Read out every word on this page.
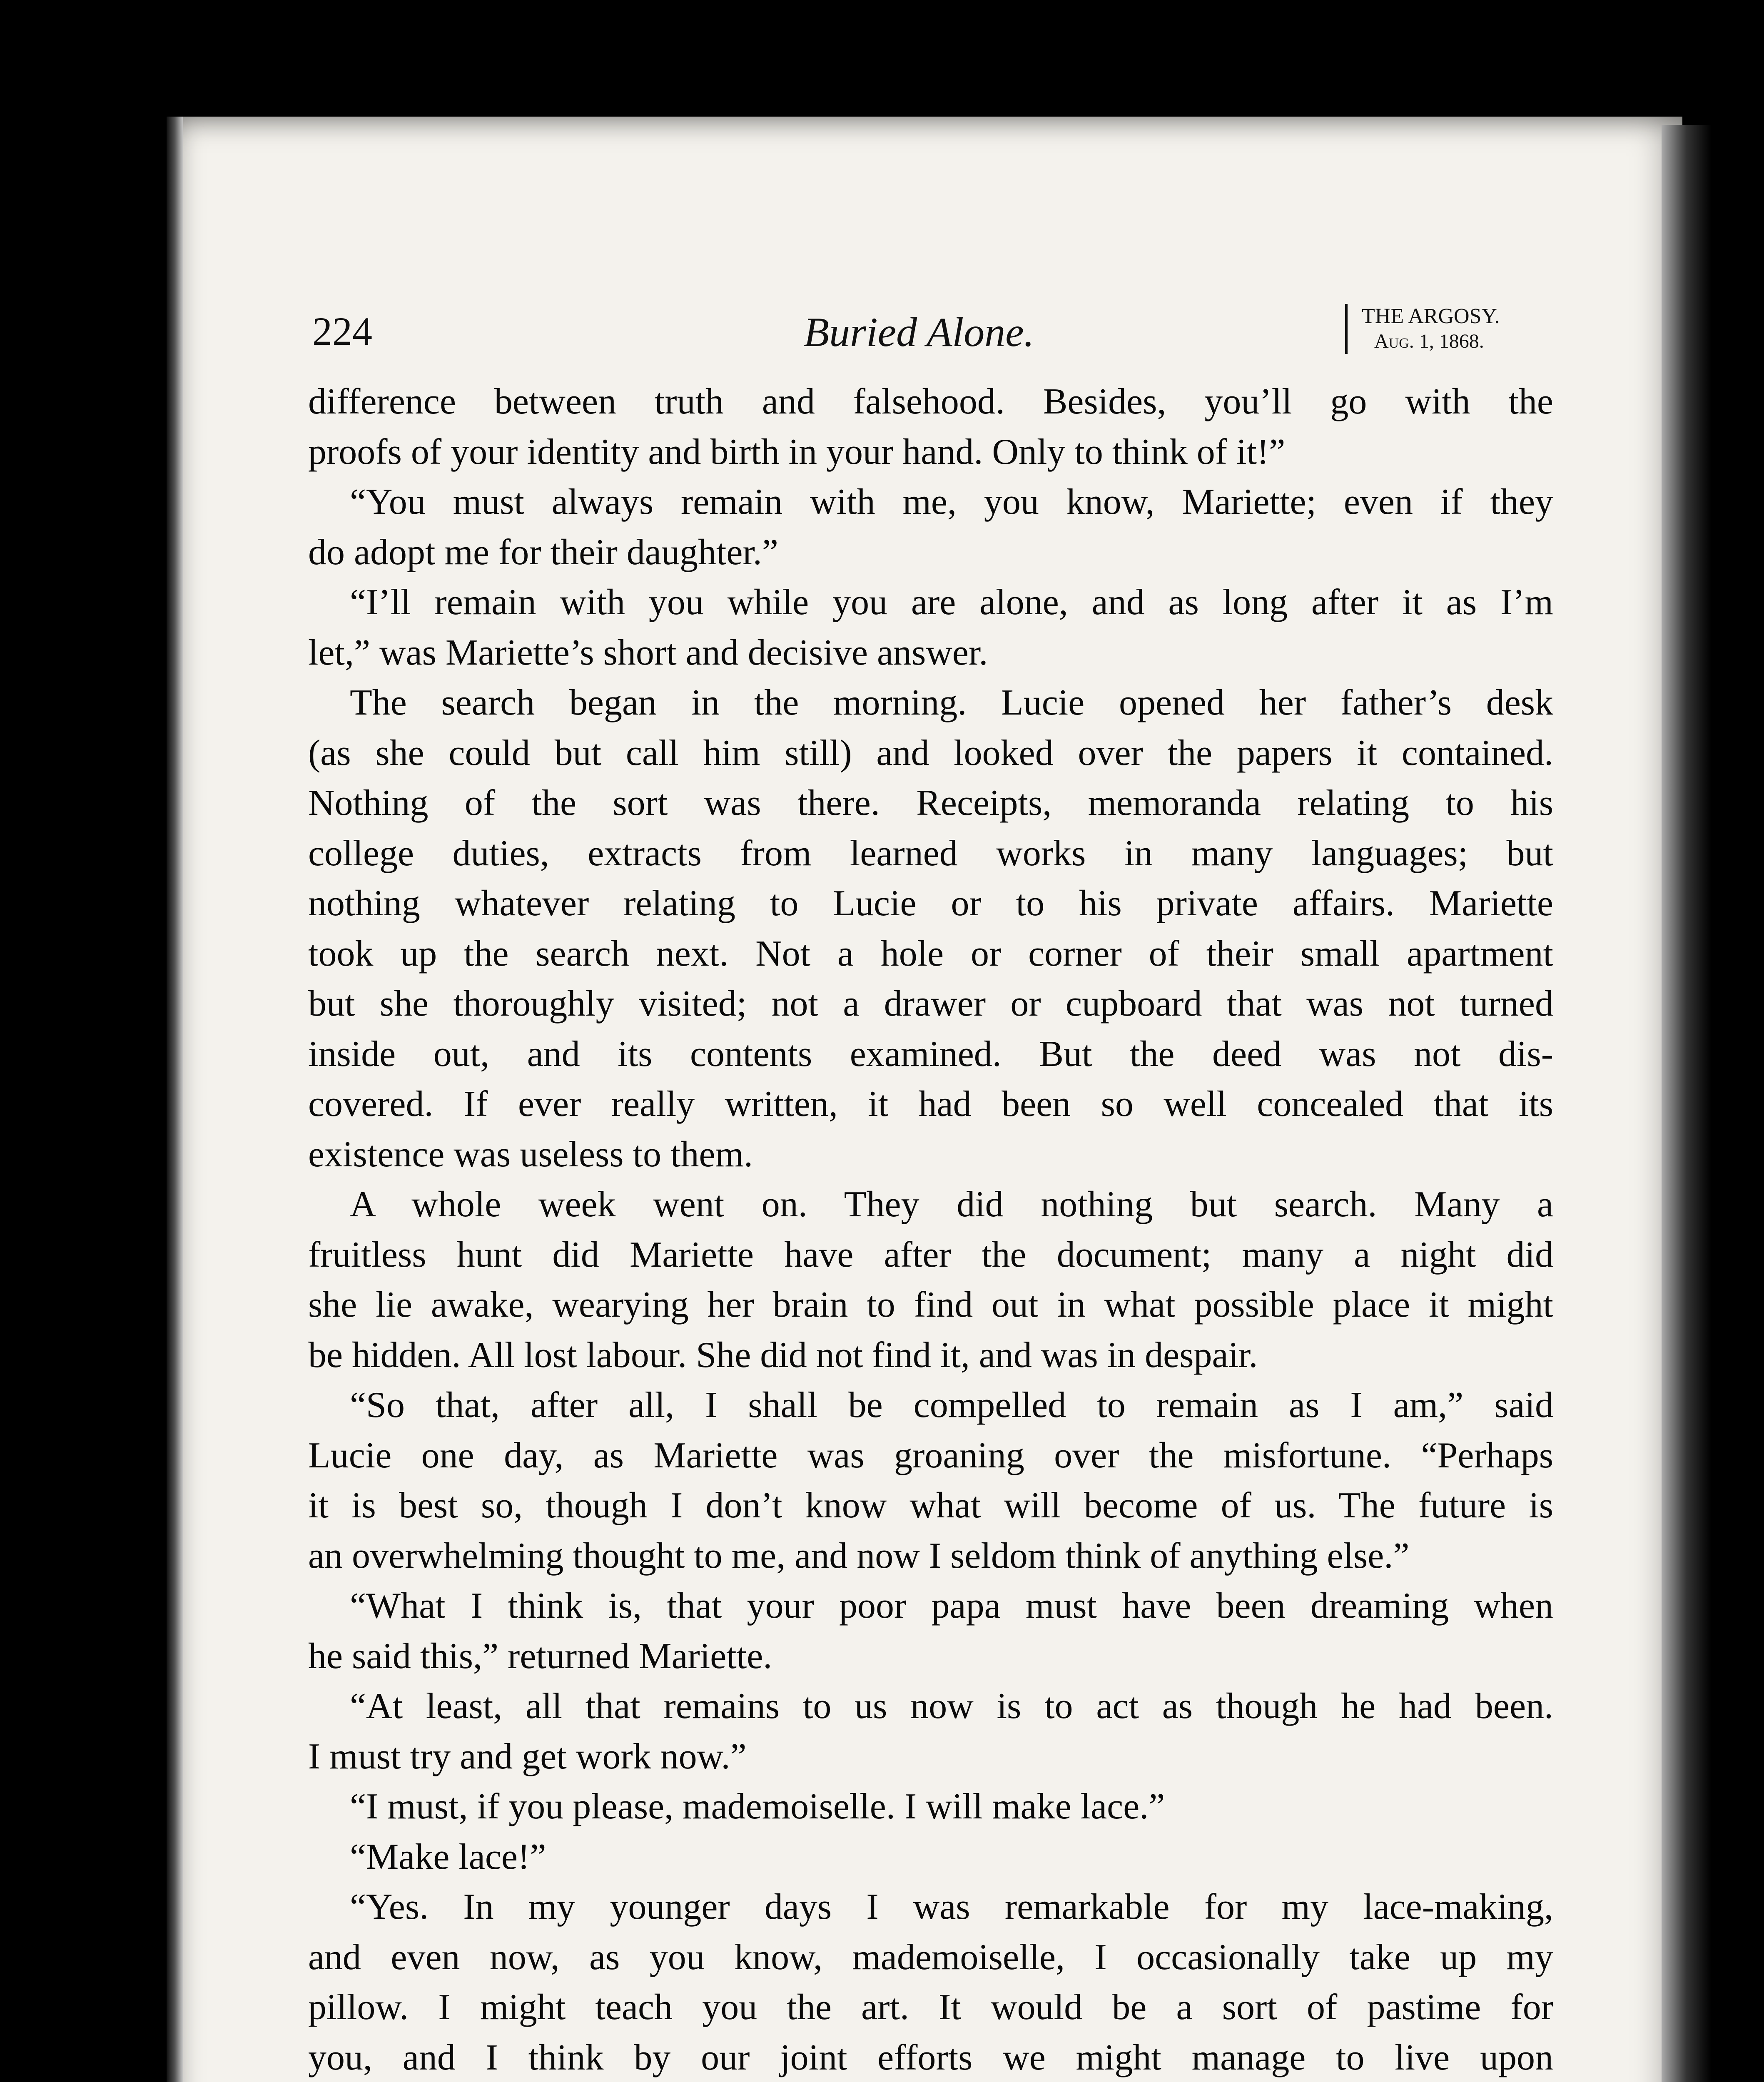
224	Buried Alone.	THE ARGOSY.
Aug. 1, 1868.
difference between truth and falsehood. Besides, you’ll go with the
proofs of your identity and birth in your hand. Only to think of it!”
“You must always remain with me, you know, Mariette; even if they
do adopt me for their daughter.”
“I’ll remain with you while you are alone, and as long after it as I’m
let,” was Mariette’s short and decisive answer.
The search began in the morning. Lucie opened her father’s desk
(as she could but call him still) and looked over the papers it contained.
Nothing of the sort was there. Receipts, memoranda relating to his
college duties, extracts from learned works in many languages; but
nothing whatever relating to Lucie or to his private affairs. Mariette
took up the search next. Not a hole or corner of their small apartment
but she thoroughly visited; not a drawer or cupboard that was not turned
inside out, and its contents examined. But the deed was not dis-
covered. If ever really written, it had been so well concealed that its
existence was useless to them.
A whole week went on. They did nothing but search. Many a
fruitless hunt did Mariette have after the document; many a night did
she lie awake, wearying her brain to find out in what possible place it might
be hidden. All lost labour. She did not find it, and was in despair.
“So that, after all, I shall be compelled to remain as I am,” said
Lucie one day, as Mariette was groaning over the misfortune. “Perhaps
it is best so, though I don’t know what will become of us. The future is
an overwhelming thought to me, and now I seldom think of anything else.”
“What I think is, that your poor papa must have been dreaming when
he said this,” returned Mariette.
“At least, all that remains to us now is to act as though he had been.
I must try and get work now.”
“I must, if you please, mademoiselle. I will make lace.”
“Make lace!”
“Yes. In my younger days I was remarkable for my lace-making,
and even now, as you know, mademoiselle, I occasionally take up my
pillow. I might teach you the art. It would be a sort of pastime for
you, and I think by our joint efforts we might manage to live upon
